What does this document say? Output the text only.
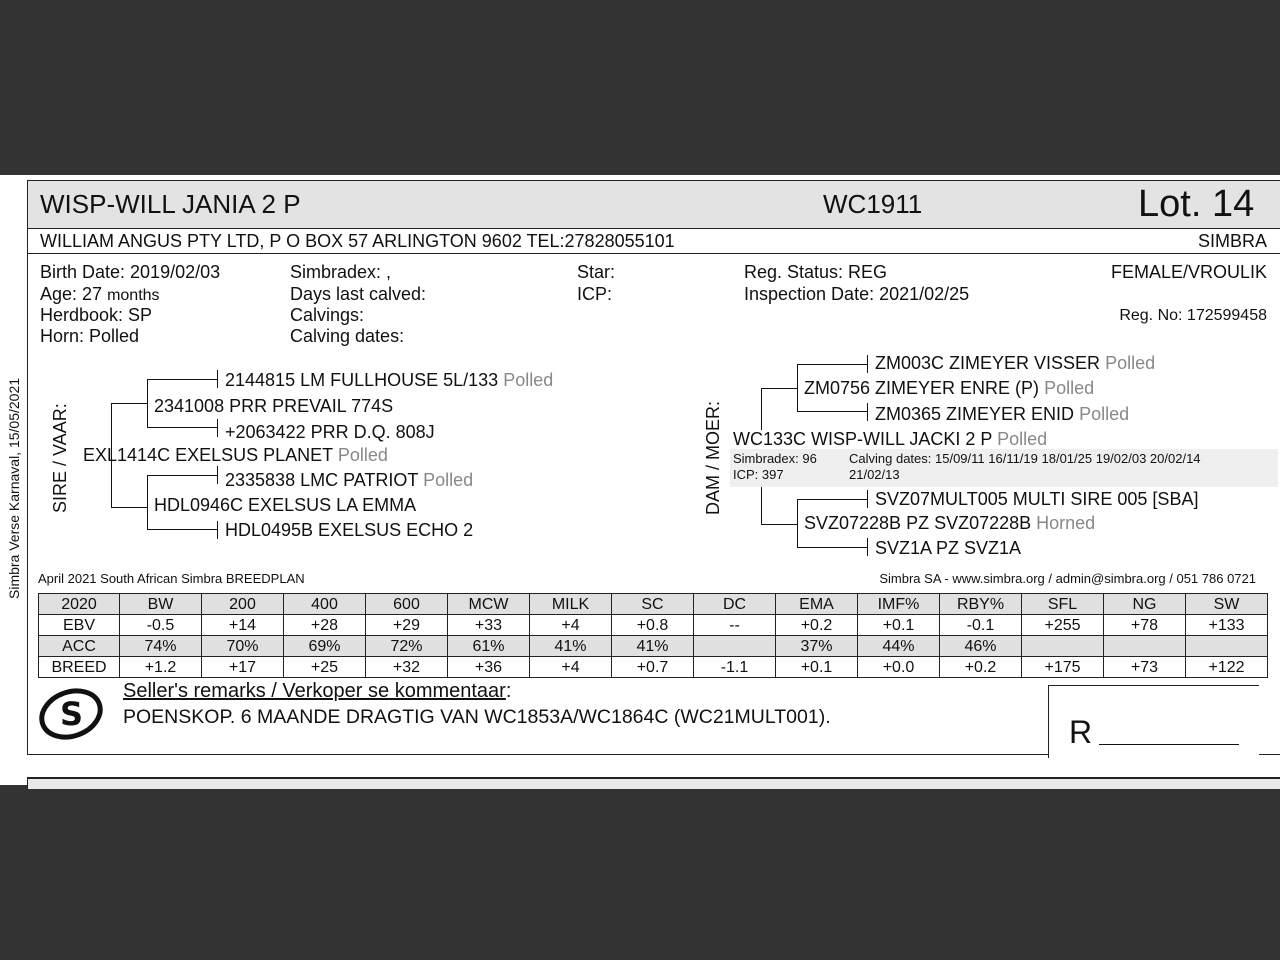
Simbra Verse Karnaval, 15/05/2021
WISP-WILL JANIA 2 P	WC1911	Lot. 14
WILLIAM ANGUS PTY LTD, P O BOX 57 ARLINGTON 9602 TEL:27828055101	SIMBRA
Birth Date: 2019/02/03
Age: 27 months
Herdbook: SP
Horn: Polled
Simbradex: ,
Days last calved:
Calvings:
Calving dates:
Star:
ICP:
Reg. Status: REG
Inspection Date: 2021/02/25
FEMALE/VROULIK
Reg. No: 172599458
SIRE / VAAR:
2144815 LM FULLHOUSE 5L/133 Polled
2341008 PRR PREVAIL 774S
+2063422 PRR D.Q. 808J
EXL1414C EXELSUS PLANET Polled
2335838 LMC PATRIOT Polled
HDL0946C EXELSUS LA EMMA
HDL0495B EXELSUS ECHO 2
DAM / MOER:
ZM003C ZIMEYER VISSER Polled
ZM0756 ZIMEYER ENRE (P) Polled
ZM0365 ZIMEYER ENID Polled
WC133C WISP-WILL JACKI 2 P Polled
Simbradex: 96
ICP: 397
Calving dates: 15/09/11 16/11/19 18/01/25 19/02/03 20/02/14
21/02/13
SVZ07MULT005 MULTI SIRE 005 [SBA]
SVZ07228B PZ SVZ07228B Horned
SVZ1A PZ SVZ1A
April 2021 South African Simbra BREEDPLAN	Simbra SA - www.simbra.org / admin@simbra.org / 051 786 0721
2020	BW	200	400	600	MCW	MILK	SC	DC	EMA	IMF%	RBY%	SFL	NG	SW
EBV	-0.5	+14	+28	+29	+33	+4	+0.8	--	+0.2	+0.1	-0.1	+255	+78	+133
ACC	74%	70%	69%	72%	61%	41%	41%		37%	44%	46%			
BREED	+1.2	+17	+25	+32	+36	+4	+0.7	-1.1	+0.1	+0.0	+0.2	+175	+73	+122
S
Seller's remarks / Verkoper se kommentaar:
POENSKOP. 6 MAANDE DRAGTIG VAN WC1853A/WC1864C (WC21MULT001).	R
